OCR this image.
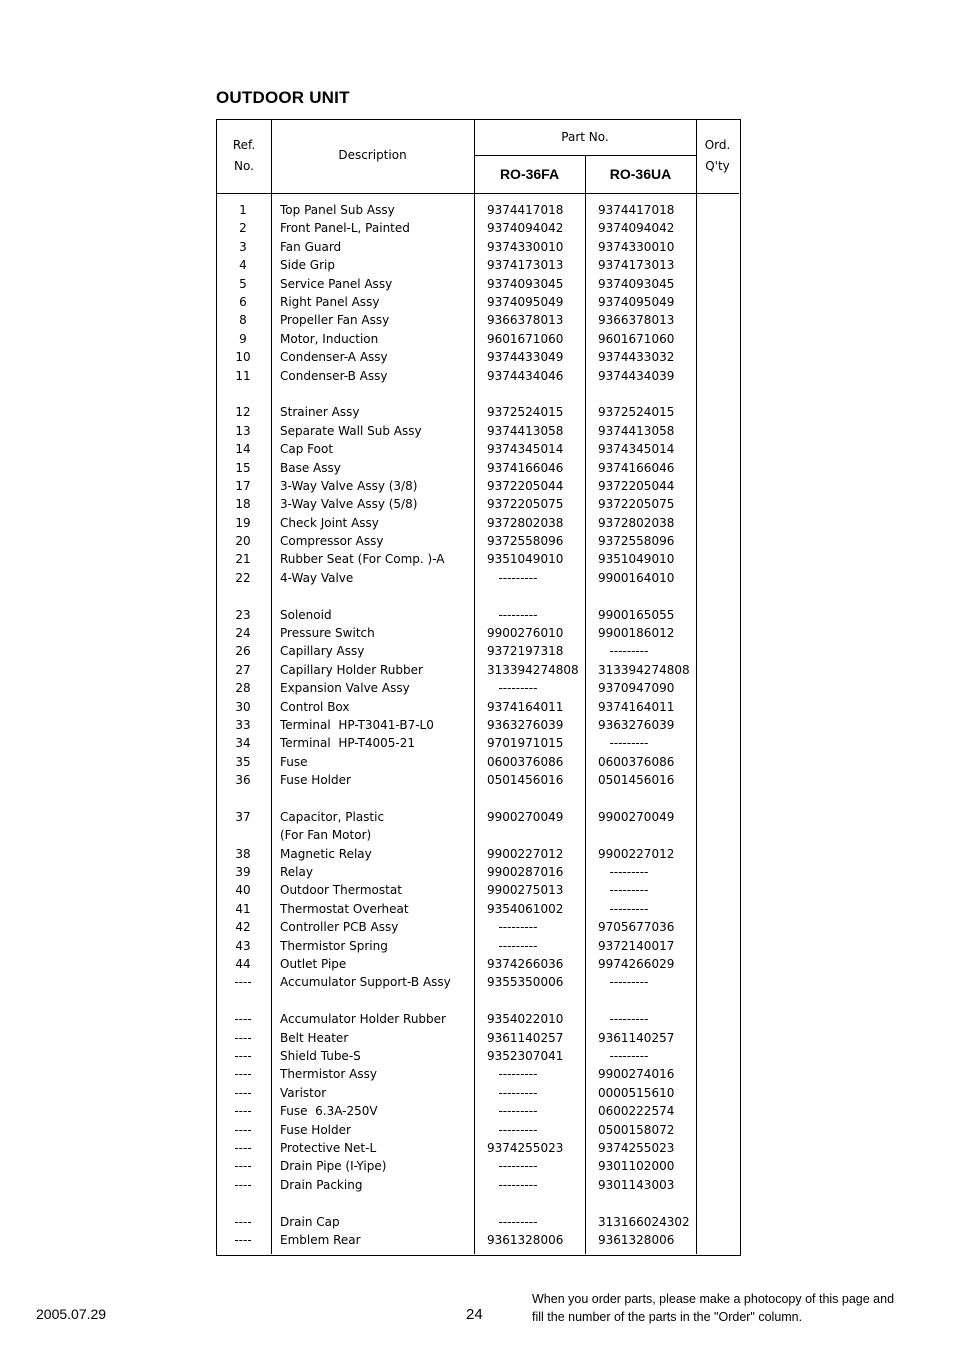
OUTDOOR UNIT
Ref.
No.
Description
Part No.
RO-36FA	RO-36UA
Ord.
Q'ty
1	Top Panel Sub Assy	9374417018	9374417018
2	Front Panel-L, Painted	9374094042	9374094042
3	Fan Guard	9374330010	9374330010
4	Side Grip	9374173013	9374173013
5	Service Panel Assy	9374093045	9374093045
6	Right Panel Assy	9374095049	9374095049
8	Propeller Fan Assy	9366378013	9366378013
9	Motor, Induction	9601671060	9601671060
10	Condenser-A Assy	9374433049	9374433032
11	Condenser-B Assy	9374434046	9374434039
12	Strainer Assy	9372524015	9372524015
13	Separate Wall Sub Assy	9374413058	9374413058
14	Cap Foot	9374345014	9374345014
15	Base Assy	9374166046	9374166046
17	3-Way Valve Assy (3/8)	9372205044	9372205044
18	3-Way Valve Assy (5/8)	9372205075	9372205075
19	Check Joint Assy	9372802038	9372802038
20	Compressor Assy	9372558096	9372558096
21	Rubber Seat (For Comp. )-A	9351049010	9351049010
22	4-Way Valve	---------	9900164010
23	Solenoid	---------	9900165055
24	Pressure Switch	9900276010	9900186012
26	Capillary Assy	9372197318	---------
27	Capillary Holder Rubber	313394274808 313394274808
28	Expansion Valve Assy	---------	9370947090
30	Control Box	9374164011	9374164011
33	Terminal  HP-T3041-B7-L0	9363276039	9363276039
34	Terminal  HP-T4005-21	9701971015	---------
35	Fuse	0600376086	0600376086
36	Fuse Holder	0501456016	0501456016
37	Capacitor, Plastic	9900270049	9900270049
(For Fan Motor)
38	Magnetic Relay	9900227012	9900227012
39	Relay	9900287016	---------
40	Outdoor Thermostat	9900275013	---------
41	Thermostat Overheat	9354061002	---------
42	Controller PCB Assy	---------	9705677036
43	Thermistor Spring	---------	9372140017
44	Outlet Pipe	9374266036	9974266029
----	Accumulator Support-B Assy	9355350006	---------
----	Accumulator Holder Rubber	9354022010	---------
----	Belt Heater	9361140257	9361140257
----	Shield Tube-S	9352307041	---------
----	Thermistor Assy	---------	9900274016
----	Varistor	---------	0000515610
----	Fuse  6.3A-250V	---------	0600222574
----	Fuse Holder	---------	0500158072
----	Protective Net-L	9374255023	9374255023
----	Drain Pipe (I-Yipe)	---------	9301102000
----	Drain Packing	---------	9301143003
----	Drain Cap	---------	313166024302
----	Emblem Rear	9361328006	9361328006
2005.07.29	24
When you order parts, please make a photocopy of this page and
fill the number of the parts in the "Order" column.
